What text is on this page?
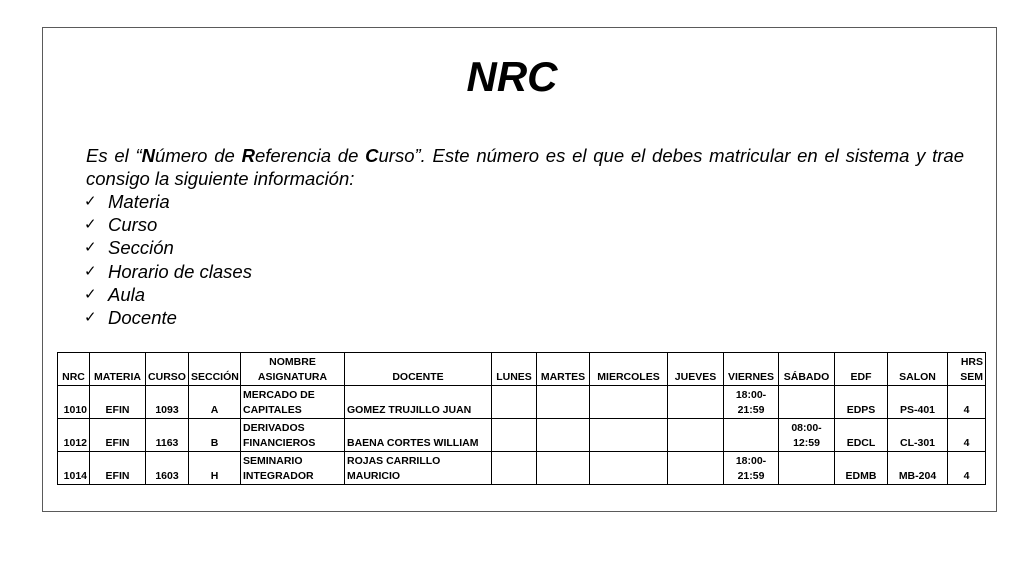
NRC
Es el “Número de Referencia de Curso”. Este número es el que el debes matricular en el sistema y trae consigo la siguiente información:
✓ Materia
✓ Curso
✓ Sección
✓ Horario de clases
✓ Aula
✓ Docente
NRC	MATERIA	CURSO	SECCIÓN	NOMBRE ASIGNATURA	DOCENTE	LUNES	MARTES	MIERCOLES	JUEVES	VIERNES	SÁBADO	EDF	SALON	HRS SEM
1010	EFIN	1093	A	MERCADO DE CAPITALES	GOMEZ TRUJILLO JUAN					18:00- 21:59		EDPS	PS-401	4
1012	EFIN	1163	B	DERIVADOS FINANCIEROS	BAENA CORTES WILLIAM						08:00- 12:59	EDCL	CL-301	4
1014	EFIN	1603	H	SEMINARIO INTEGRADOR	ROJAS CARRILLO MAURICIO					18:00- 21:59		EDMB	MB-204	4
